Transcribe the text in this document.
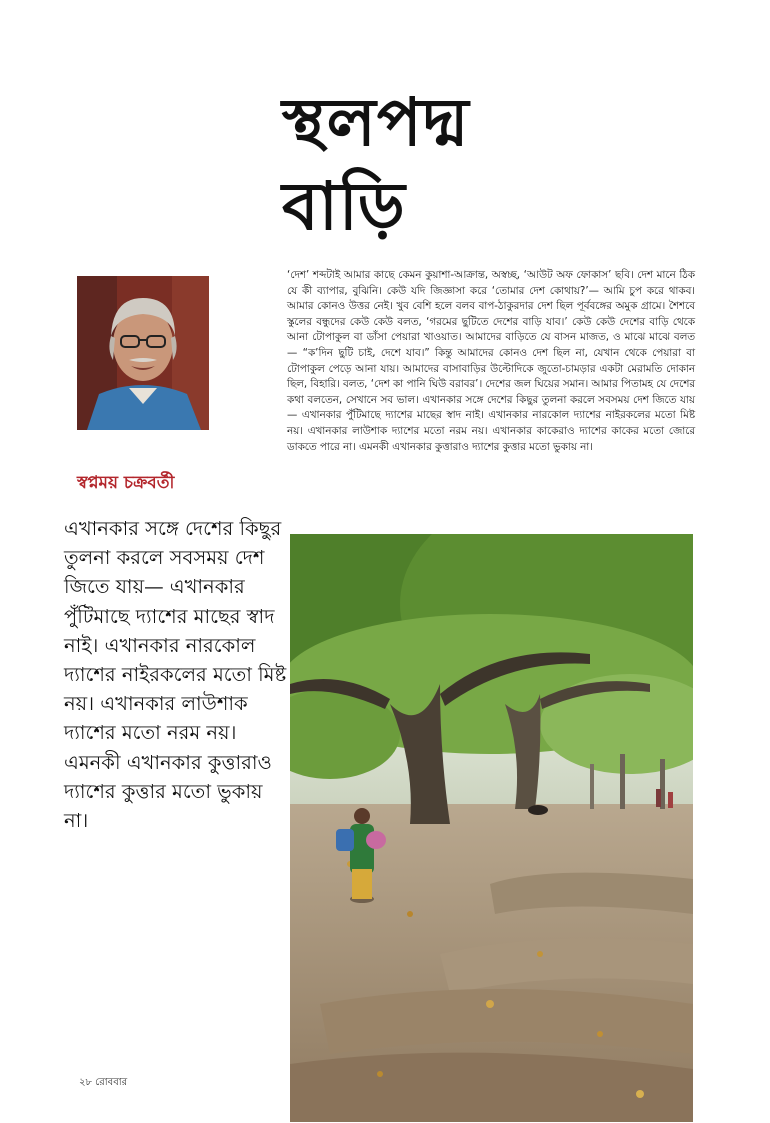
স্থলপদ্ম
বাড়ি
স্বপ্নময় চক্রবর্তী

‘দেশ’ শব্দটাই আমার কাছে কেমন কুয়াশা-আক্রান্ত, অস্বচ্ছ, ‘আউট অফ ফোকাস’ ছবি। দেশ মানে ঠিক যে কী ব্যাপার, বুঝিনি। কেউ যদি জিজ্ঞাসা করে ‘তোমার দেশ কোথায়?’— আমি চুপ করে থাকব। আমার কোনও উত্তর নেই। খুব বেশি হলে বলব বাপ-ঠাকুরদার দেশ ছিল পূর্ববঙ্গের অমুক গ্রামে। শৈশবে স্কুলের বন্ধুদের কেউ কেউ বলত, ‘গরমের ছুটিতে দেশের বাড়ি যাব।’ কেউ কেউ দেশের বাড়ি থেকে আনা টোপাকুল বা ডাঁসা পেয়ারা খাওয়াত। আমাদের বাড়িতে যে বাসন মাজত, ও মাঝে মাঝে বলত— “ক’দিন ছুটি চাই, দেশে যাব।” কিন্তু আমাদের কোনও দেশ ছিল না, যেখান থেকে পেয়ারা বা টোপাকুল পেড়ে আনা যায়। আমাদের বাসাবাড়ির উল্টোদিকে জুতো-চামড়ার একটা মেরামতি দোকান ছিল, বিহারি। বলত, ‘দেশ কা পানি ঘিউ বরাবর’। দেশের জল ঘিয়ের সমান। আমার পিতামহ যে দেশের কথা বলতেন, সেখানে সব ভাল। এখানকার সঙ্গে দেশের কিছুর তুলনা করলে সবসময় দেশ জিতে যায়— এখানকার পুঁটিমাছে দ্যাশের মাছের স্বাদ নাই। এখানকার নারকোল দ্যাশের নাইরকলের মতো মিষ্ট নয়। এখানকার লাউশাক দ্যাশের মতো নরম নয়। এখানকার কাকেরাও দ্যাশের কাকের মতো জোরে ডাকতে পারে না। এমনকী এখানকার কুত্তারাও দ্যাশের কুত্তার মতো ভুকায় না।

এখানকার সঙ্গে দেশের কিছুর তুলনা করলে সবসময় দেশ জিতে যায়— এখানকার পুঁটিমাছে দ্যাশের মাছের স্বাদ নাই। এখানকার নারকোল দ্যাশের নাইরকলের মতো মিষ্ট নয়। এখানকার লাউশাক দ্যাশের মতো নরম নয়। এমনকী এখানকার কুত্তারাও দ্যাশের কুত্তার মতো ভুকায় না।

২৮ রোববার
